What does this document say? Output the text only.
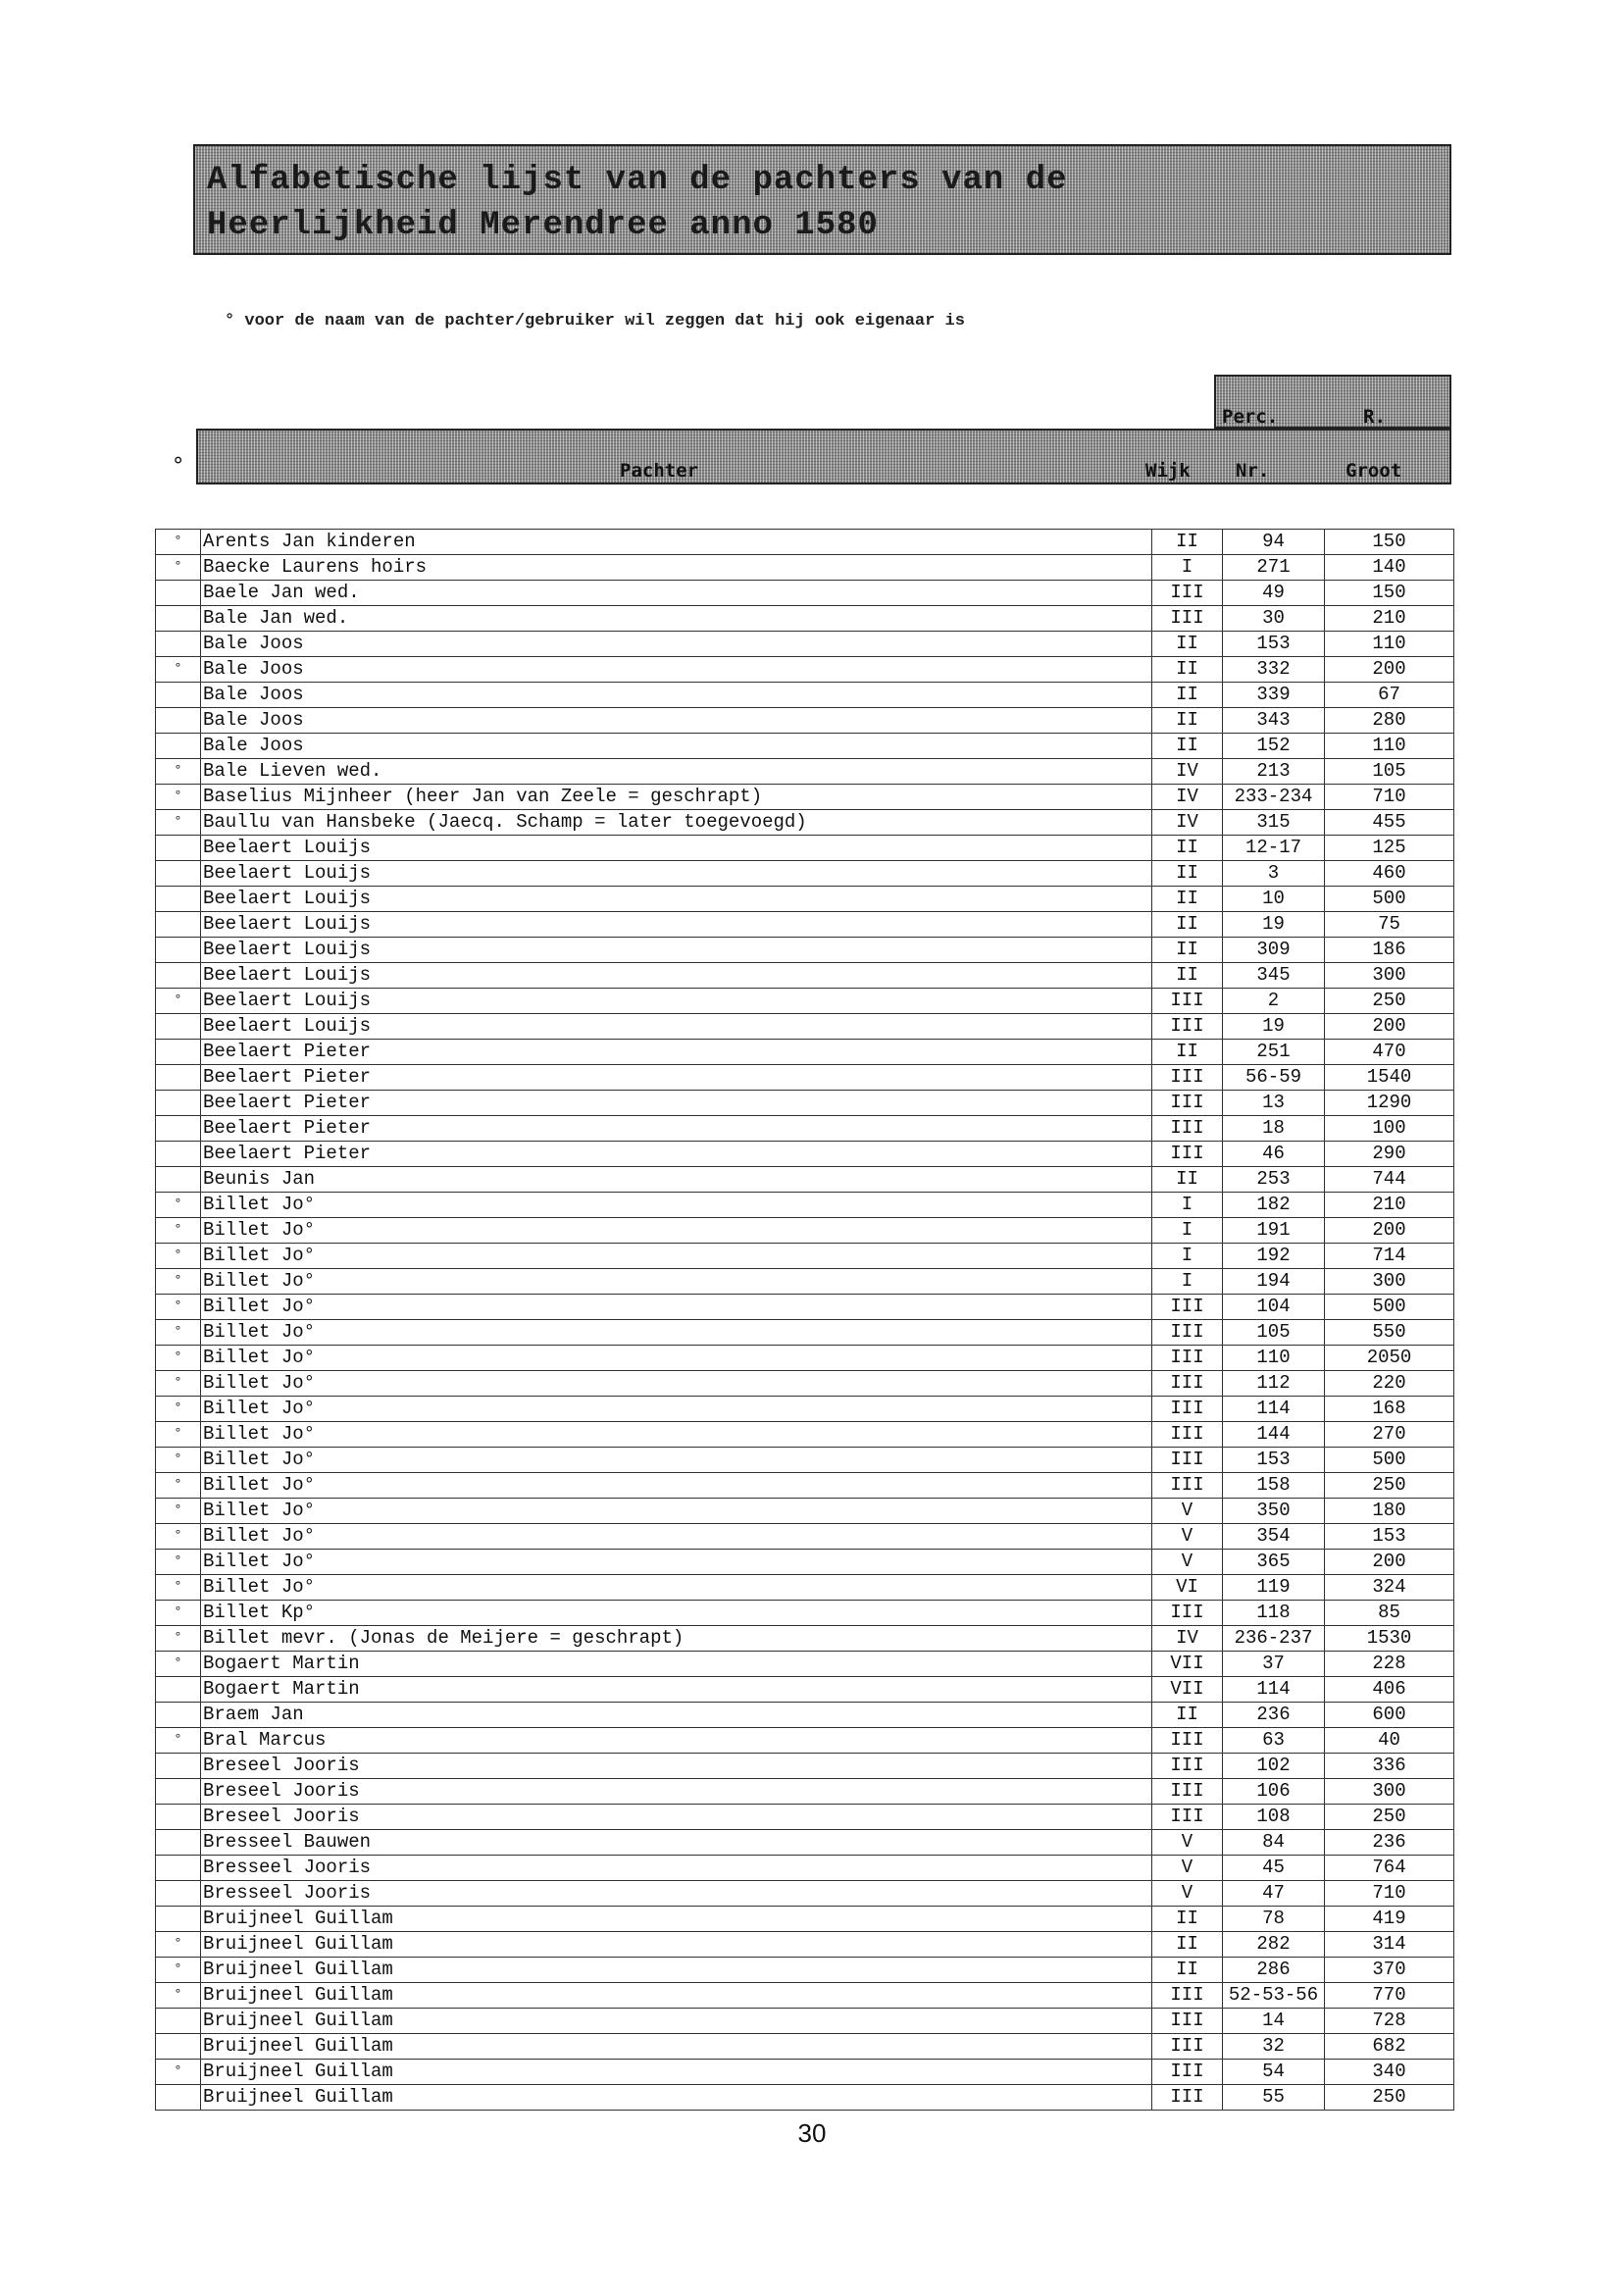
Alfabetische lijst van de pachters van de Heerlijkheid Merendree anno 1580
° voor de naam van de pachter/gebruiker wil zeggen dat hij ook eigenaar is
Perc.	R.
°	Pachter	Wijk Nr.	Groot
°	Arents Jan kinderen	II	94	150
°	Baecke Laurens hoirs	I	271	140
	Baele Jan wed.	III	49	150
	Bale Jan wed.	III	30	210
	Bale Joos	II	153	110
°	Bale Joos	II	332	200
	Bale Joos	II	339	67
	Bale Joos	II	343	280
	Bale Joos	II	152	110
°	Bale Lieven wed.	IV	213	105
°	Baselius Mijnheer (heer Jan van Zeele = geschrapt)	IV	233-234	710
°	Baullu van Hansbeke (Jaecq. Schamp = later toegevoegd)	IV	315	455
	Beelaert Louijs	II	12-17	125
	Beelaert Louijs	II	3	460
	Beelaert Louijs	II	10	500
	Beelaert Louijs	II	19	75
	Beelaert Louijs	II	309	186
	Beelaert Louijs	II	345	300
°	Beelaert Louijs	III	2	250
	Beelaert Louijs	III	19	200
	Beelaert Pieter	II	251	470
	Beelaert Pieter	III	56-59	1540
	Beelaert Pieter	III	13	1290
	Beelaert Pieter	III	18	100
	Beelaert Pieter	III	46	290
	Beunis Jan	II	253	744
°	Billet Jo°	I	182	210
°	Billet Jo°	I	191	200
°	Billet Jo°	I	192	714
°	Billet Jo°	I	194	300
°	Billet Jo°	III	104	500
°	Billet Jo°	III	105	550
°	Billet Jo°	III	110	2050
°	Billet Jo°	III	112	220
°	Billet Jo°	III	114	168
°	Billet Jo°	III	144	270
°	Billet Jo°	III	153	500
°	Billet Jo°	III	158	250
°	Billet Jo°	V	350	180
°	Billet Jo°	V	354	153
°	Billet Jo°	V	365	200
°	Billet Jo°	VI	119	324
°	Billet Kp°	III	118	85
°	Billet mevr. (Jonas de Meijere = geschrapt)	IV	236-237	1530
°	Bogaert Martin	VII	37	228
	Bogaert Martin	VII	114	406
	Braem Jan	II	236	600
°	Bral Marcus	III	63	40
	Breseel Jooris	III	102	336
	Breseel Jooris	III	106	300
	Breseel Jooris	III	108	250
	Bresseel Bauwen	V	84	236
	Bresseel Jooris	V	45	764
	Bresseel Jooris	V	47	710
	Bruijneel Guillam	II	78	419
°	Bruijneel Guillam	II	282	314
°	Bruijneel Guillam	II	286	370
°	Bruijneel Guillam	III	52-53-56	770
	Bruijneel Guillam	III	14	728
	Bruijneel Guillam	III	32	682
°	Bruijneel Guillam	III	54	340
	Bruijneel Guillam	III	55	250
30
